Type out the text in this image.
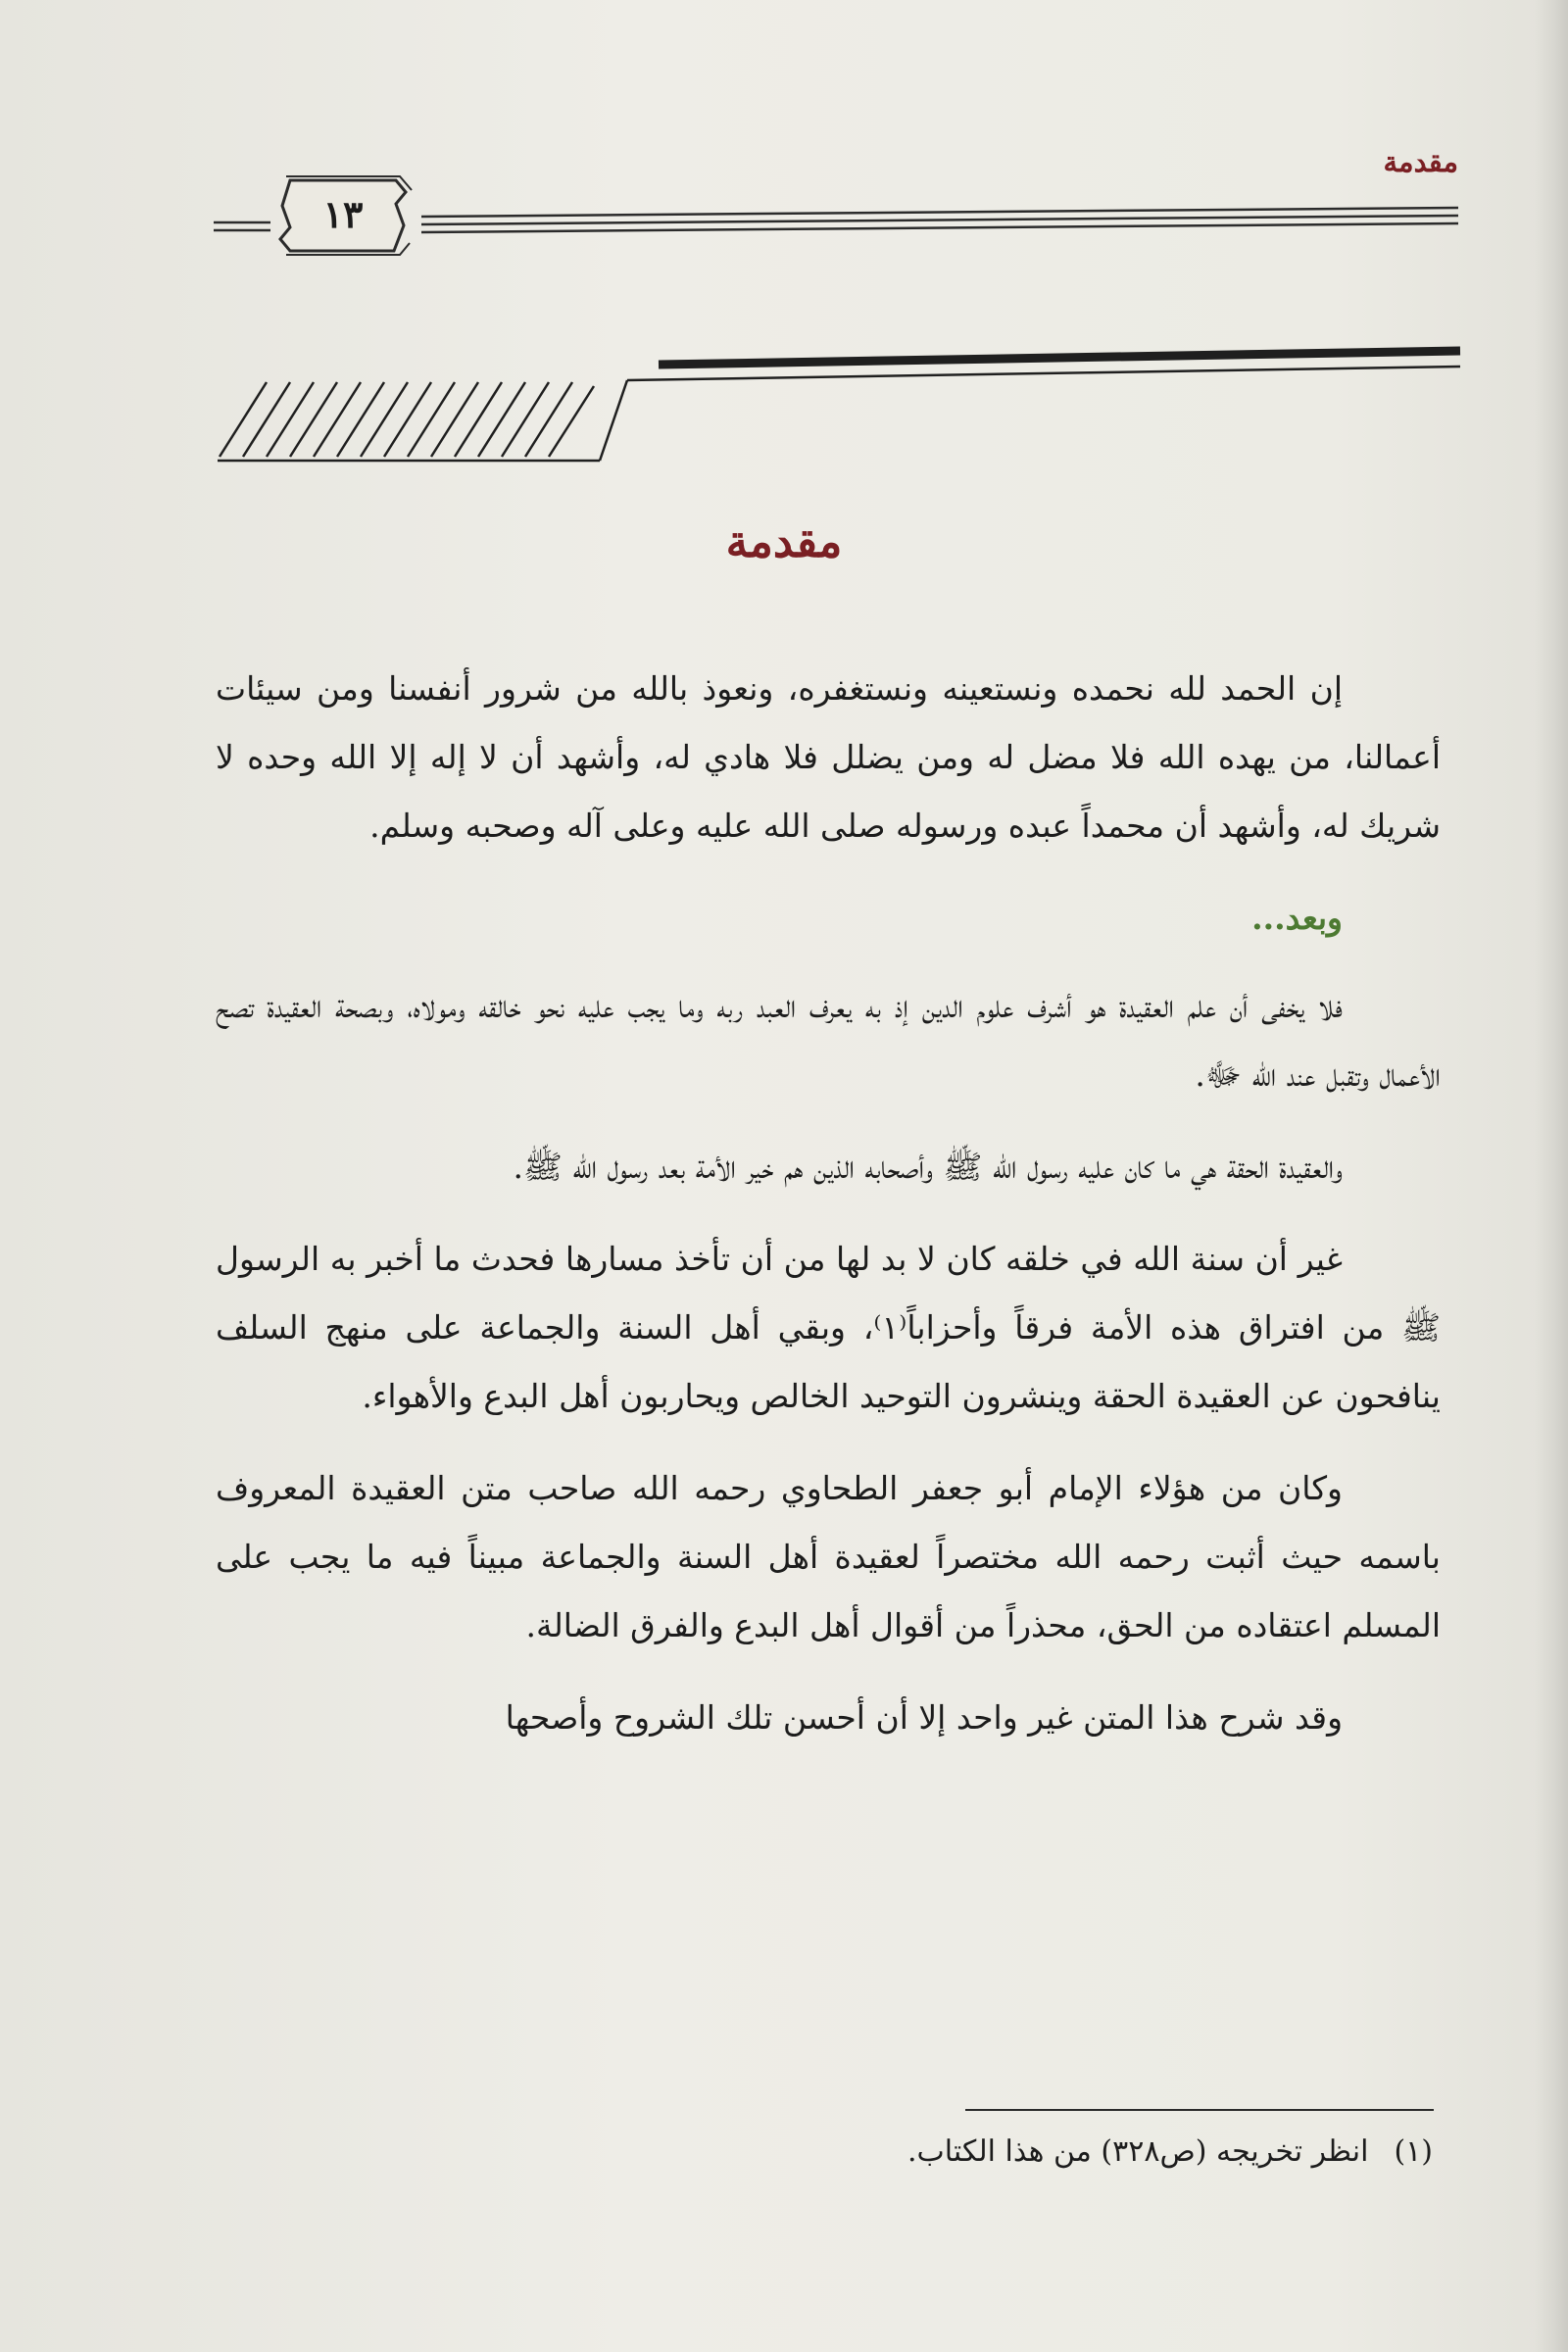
مقدمة
١٣
مقدمة

إن الحمد لله نحمده ونستعينه ونستغفره، ونعوذ بالله من شرور أنفسنا ومن سيئات أعمالنا، من يهده الله فلا مضل له ومن يضلل فلا هادي له، وأشهد أن لا إله إلا الله وحده لا شريك له، وأشهد أن محمداً عبده ورسوله صلى الله عليه وعلى آله وصحبه وسلم.

وبعد...

فلا يخفى أن علم العقيدة هو أشرف علوم الدين إذ به يعرف العبد ربه وما يجب عليه نحو خالقه ومولاه، وبصحة العقيدة تصح الأعمال وتقبل عند الله ﷻ.

والعقيدة الحقة هي ما كان عليه رسول الله ﷺ وأصحابه الذين هم خير الأمة بعد رسول الله ﷺ.

غير أن سنة الله في خلقه كان لا بد لها من أن تأخذ مسارها فحدث ما أخبر به الرسول ﷺ من افتراق هذه الأمة فرقاً وأحزاباً⁽١⁾، وبقي أهل السنة والجماعة على منهج السلف ينافحون عن العقيدة الحقة وينشرون التوحيد الخالص ويحاربون أهل البدع والأهواء.

وكان من هؤلاء الإمام أبو جعفر الطحاوي رحمه الله صاحب متن العقيدة المعروف باسمه حيث أثبت رحمه الله مختصراً لعقيدة أهل السنة والجماعة مبيناً فيه ما يجب على المسلم اعتقاده من الحق، محذراً من أقوال أهل البدع والفرق الضالة.

وقد شرح هذا المتن غير واحد إلا أن أحسن تلك الشروح وأصحها

(١)انظر تخريجه (ص٣٢٨) من هذا الكتاب.
